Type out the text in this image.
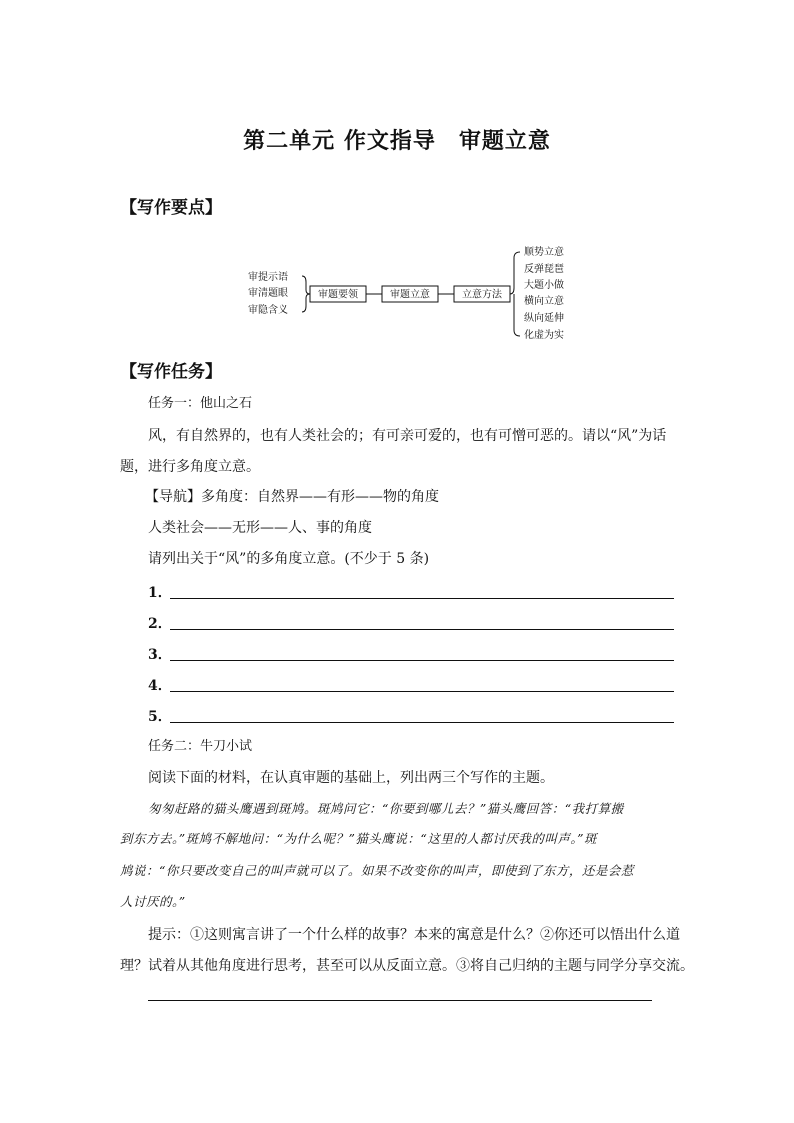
第二单元 作文指导　审题立意
【写作要点】
审提示语
审清题眼
审隐含义
审题要领	审题立意	立意方法
顺势立意
反弹琵琶
大题小做
横向立意
纵向延伸
化虚为实
【写作任务】
任务一：他山之石
风，有自然界的，也有人类社会的；有可亲可爱的，也有可憎可恶的。请以“风”为话
题，进行多角度立意。
【导航】多角度：自然界——有形——物的角度
人类社会——无形——人、事的角度
请列出关于“风”的多角度立意。(不少于 5 条)
1．
2．
3．
4．
5．
任务二：牛刀小试
阅读下面的材料，在认真审题的基础上，列出两三个写作的主题。
匆匆赶路的猫头鹰遇到斑鸠。斑鸠问它：“你要到哪儿去？”猫头鹰回答：“我打算搬
到东方去。”斑鸠不解地问：“为什么呢？”猫头鹰说：“这里的人都讨厌我的叫声。”斑
鸠说：“你只要改变自己的叫声就可以了。如果不改变你的叫声，即使到了东方，还是会惹
人讨厌的。”
提示：①这则寓言讲了一个什么样的故事？本来的寓意是什么？②你还可以悟出什么道
理？试着从其他角度进行思考，甚至可以从反面立意。③将自己归纳的主题与同学分享交流。
